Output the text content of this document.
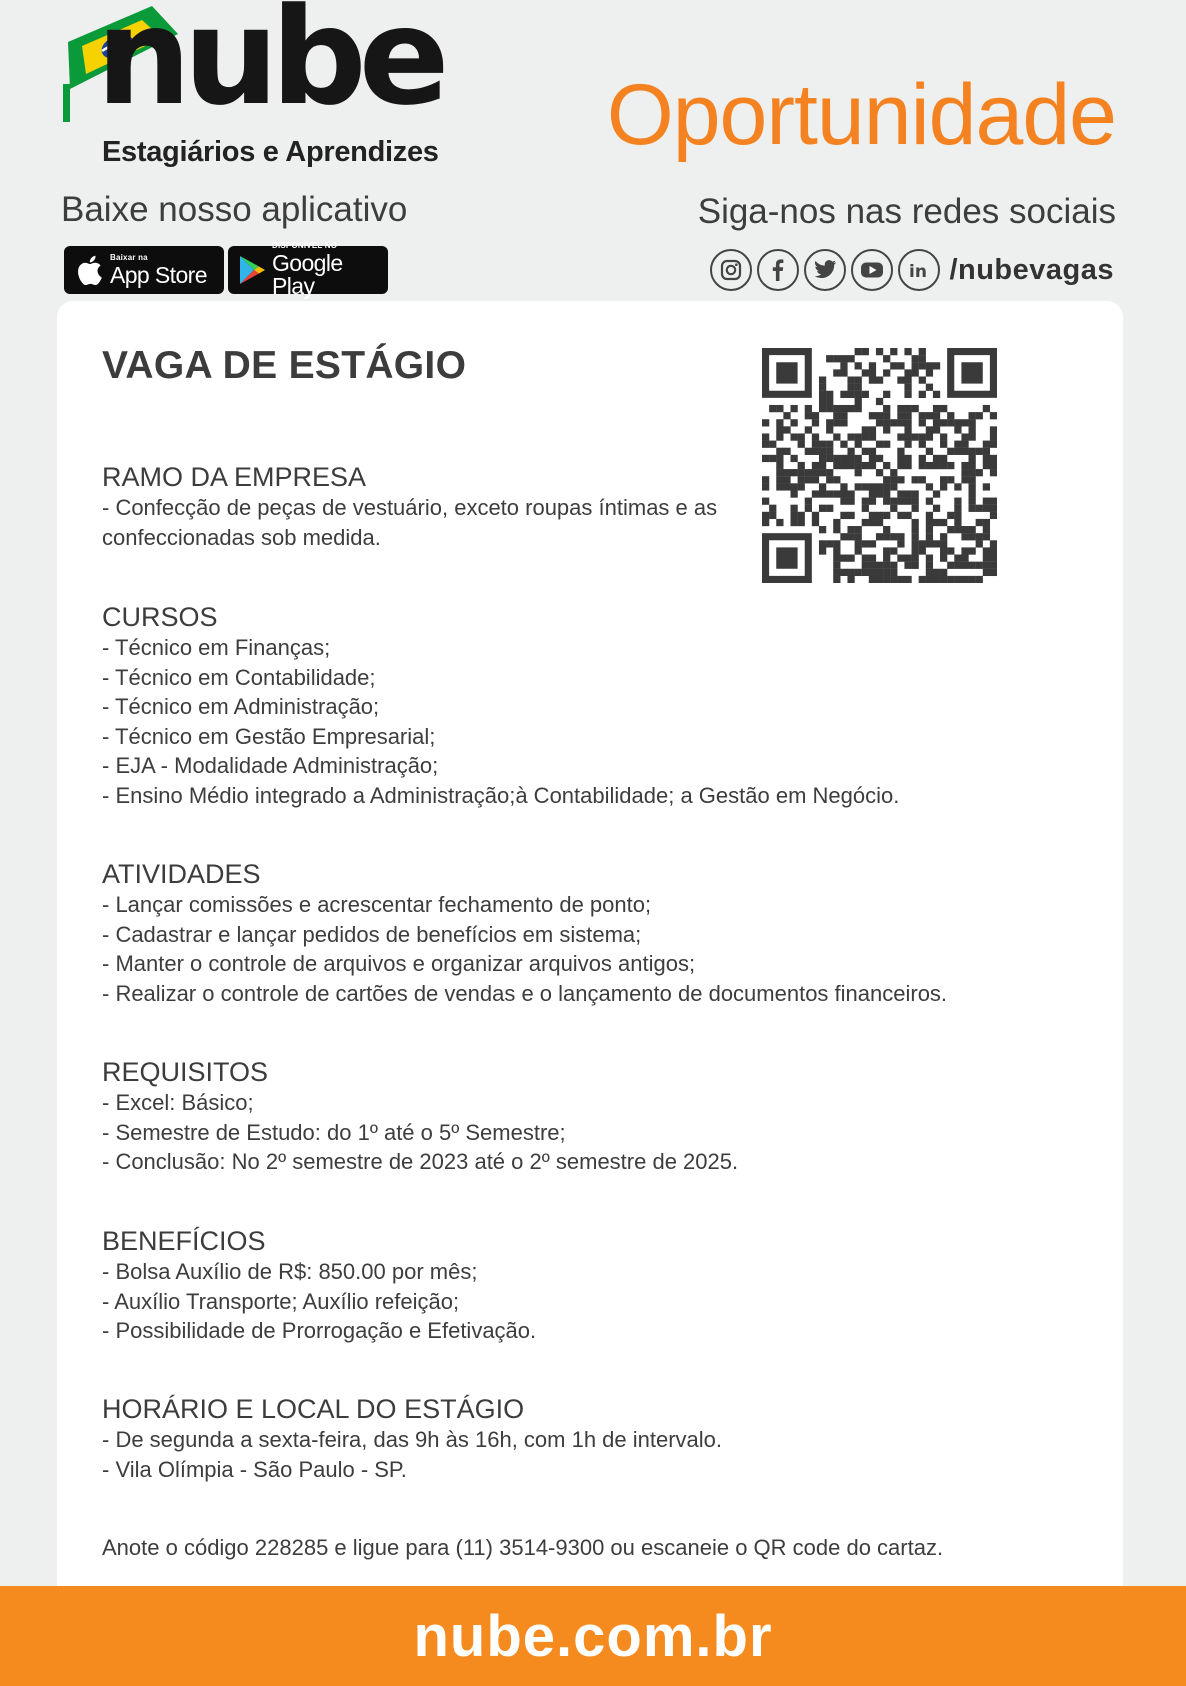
nube
Estagiários e Aprendizes Oportunidade
Baixe nosso aplicativo
Baixar na
App Store
DISPONÍVEL NO
Google Play
Siga-nos nas redes sociais
in /nubevagas
VAGA DE ESTÁGIO
RAMO DA EMPRESA
- Confecção de peças de vestuário, exceto roupas íntimas e as
confeccionadas sob medida.
CURSOS
- Técnico em Finanças;
- Técnico em Contabilidade;
- Técnico em Administração;
- Técnico em Gestão Empresarial;
- EJA - Modalidade Administração;
- Ensino Médio integrado a Administração;à Contabilidade; a Gestão em Negócio.
ATIVIDADES
- Lançar comissões e acrescentar fechamento de ponto;
- Cadastrar e lançar pedidos de benefícios em sistema;
- Manter o controle de arquivos e organizar arquivos antigos;
- Realizar o controle de cartões de vendas e o lançamento de documentos financeiros.
REQUISITOS
- Excel: Básico;
- Semestre de Estudo: do 1º até o 5º Semestre;
- Conclusão: No 2º semestre de 2023 até o 2º semestre de 2025.
BENEFÍCIOS
- Bolsa Auxílio de R$: 850.00 por mês;
- Auxílio Transporte; Auxílio refeição;
- Possibilidade de Prorrogação e Efetivação.
HORÁRIO E LOCAL DO ESTÁGIO
- De segunda a sexta-feira, das 9h às 16h, com 1h de intervalo.
- Vila Olímpia - São Paulo - SP.
Anote o código 228285 e ligue para (11) 3514-9300 ou escaneie o QR code do cartaz.
nube.com.br
